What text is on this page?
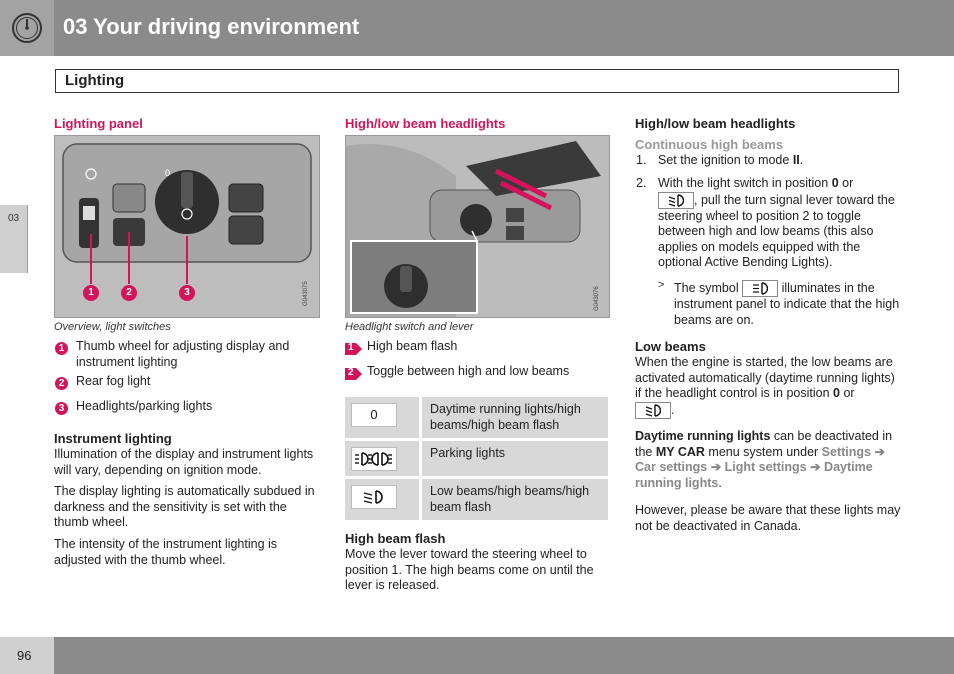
03 Your driving environment
Lighting
03
Lighting panel
0
G043075
1	2	3
Overview, light switches
1 Thumb wheel for adjusting display and instrument lighting
2 Rear fog light
3 Headlights/parking lights
Instrument lighting
Illumination of the display and instrument lights will vary, depending on ignition mode.
The display lighting is automatically subdued in darkness and the sensitivity is set with the thumb wheel.
The intensity of the instrument lighting is adjusted with the thumb wheel.
High/low beam headlights
G043076
Headlight switch and lever
1 High beam flash
2 Toggle between high and low beams
0	Daytime running lights/high beams/high beam flash

	Parking lights

	Low beams/high beams/high beam flash
High beam flash
Move the lever toward the steering wheel to position 1. The high beams come on until the lever is released.
High/low beam headlights
Continuous high beams
1. Set the ignition to mode II.
2. With the light switch in position 0 or

, pull the turn signal lever toward the steering wheel to position 2 to toggle between high and low beams (this also applies on models equipped with the optional Active Bending Lights).
> The symbol	illuminates in the instrument panel to indicate that the high beams are on.
Low beams
When the engine is started, the low beams are activated automatically (daytime running lights) if the headlight control is in position 0 or

.
Daytime running lights can be deactivated in the MY CAR menu system under Settings ➔ Car settings ➔ Light settings ➔ Daytime running lights.
However, please be aware that these lights may not be deactivated in Canada.
96
